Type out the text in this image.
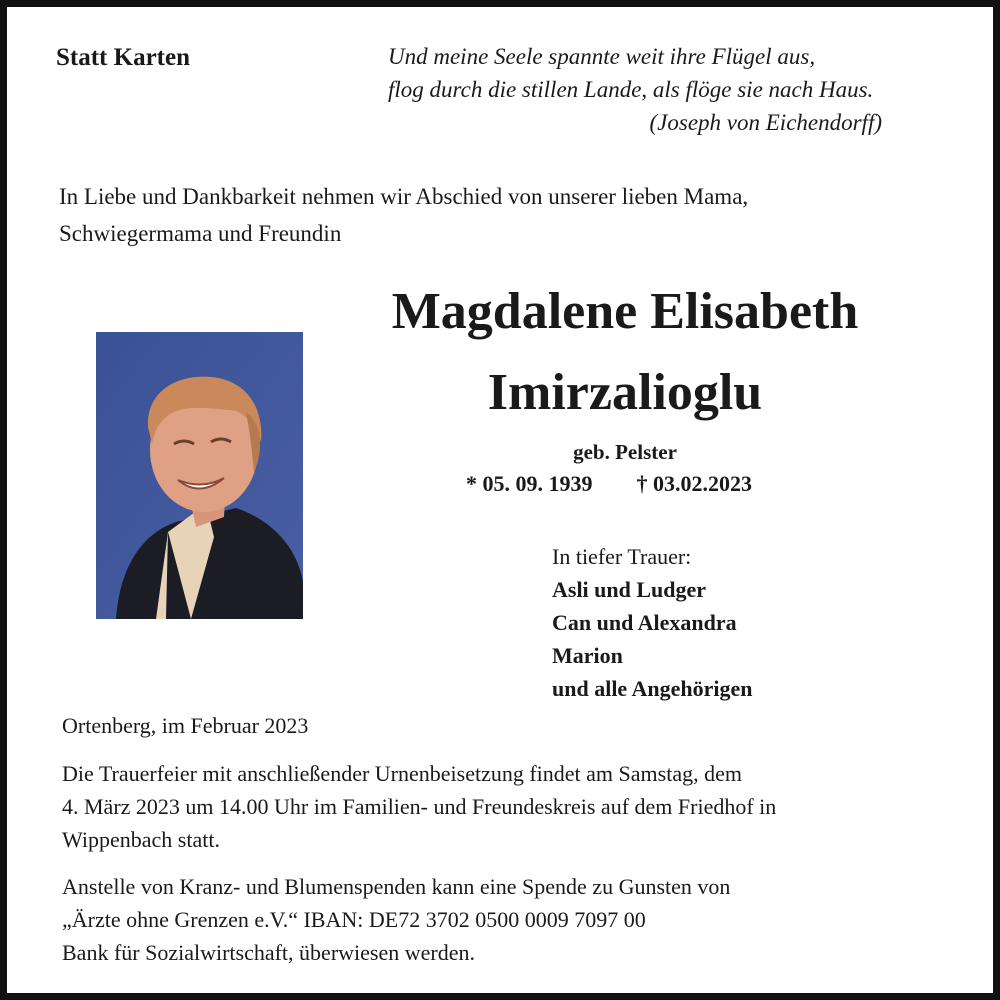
Statt Karten	Und meine Seele spannte weit ihre Flügel aus,
flog durch die stillen Lande, als flöge sie nach Haus.
(Joseph von Eichendorff)
In Liebe und Dankbarkeit nehmen wir Abschied von unserer lieben Mama,
Schwiegermama und Freundin
Magdalene Elisabeth
Imirzalioglu
geb. Pelster
* 05. 09. 1939 † 03.02.2023
In tiefer Trauer:
Asli und Ludger
Can und Alexandra
Marion
und alle Angehörigen
Ortenberg, im Februar 2023
Die Trauerfeier mit anschließender Urnenbeisetzung findet am Samstag, dem
4. März 2023 um 14.00 Uhr im Familien- und Freundeskreis auf dem Friedhof in
Wippenbach statt.
Anstelle von Kranz- und Blumenspenden kann eine Spende zu Gunsten von
„Ärzte ohne Grenzen e.V.“ IBAN: DE72 3702 0500 0009 7097 00
Bank für Sozialwirtschaft, überwiesen werden.
